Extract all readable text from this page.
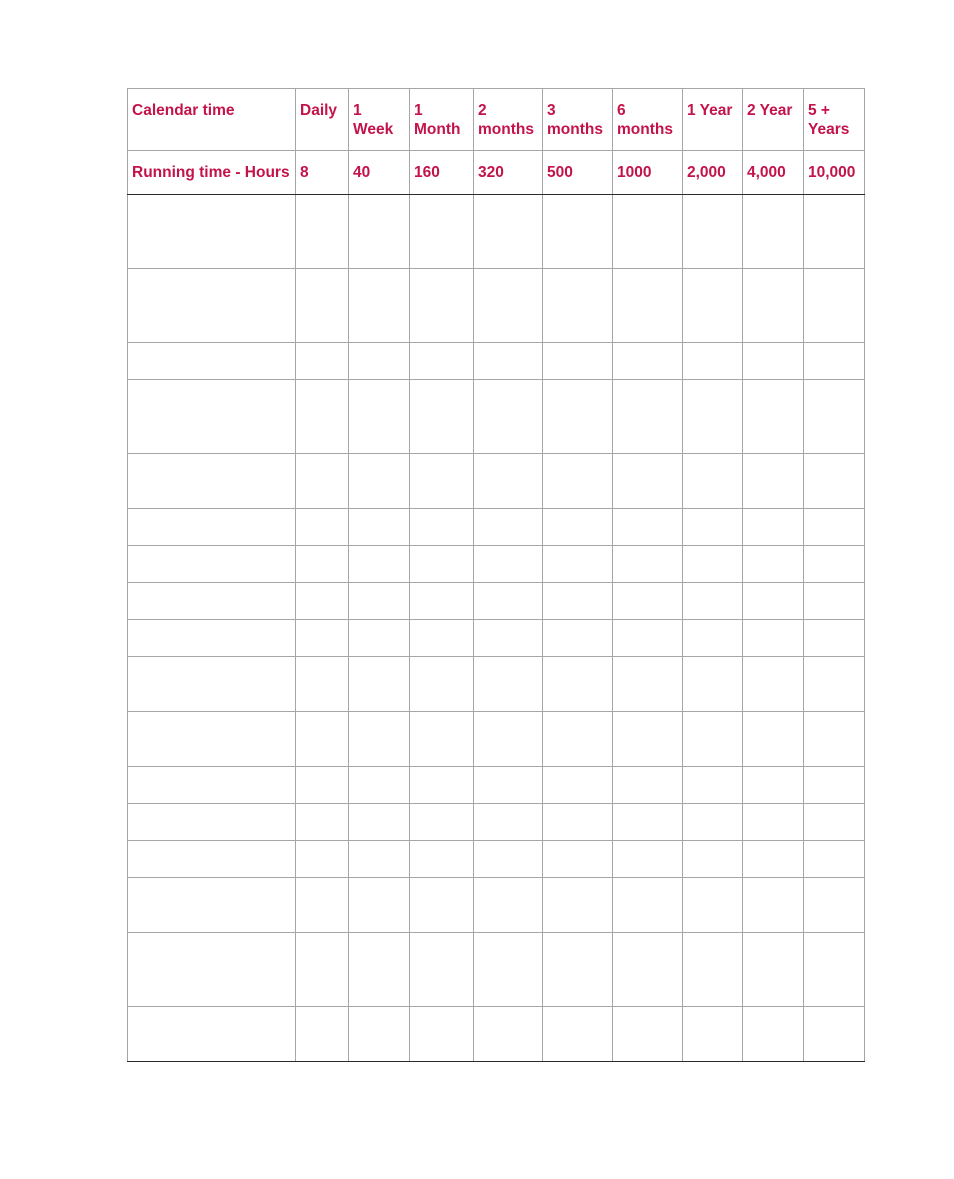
Calendar time	Daily	1 Week	1 Month	2 months	3 months	6 months	1 Year	2 Year	5 + Years
Running time - Hours	8	40	160	320	500	1000	2,000	4,000	10,000
